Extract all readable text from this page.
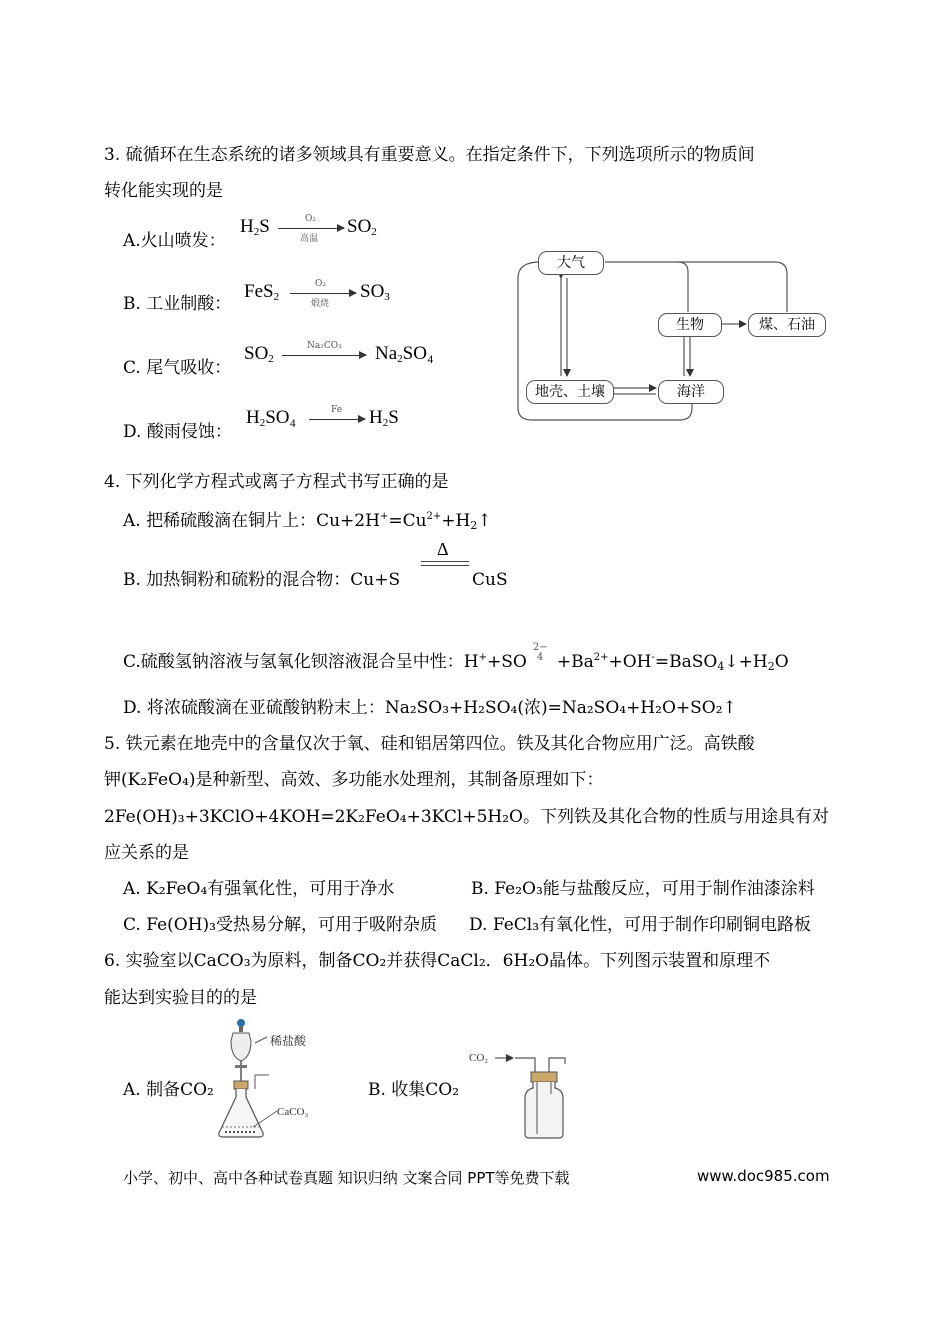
3. 硫循环在生态系统的诸多领域具有重要意义。在指定条件下，下列选项所示的物质间
转化能实现的是
A.火山喷发：
$H_2S$	O₂
高温
$SO_2$
B. 工业制酸：
FeS$_2$
O₂
煅烧
$SO_3$
C. 尾气吸收：
$SO_2$
Na₂CO₃ $Na_2SO_4$
D. 酸雨侵蚀：
$H_2SO_4$	Fe $H_2S$
大气
生物	煤、石油
地壳、土壤	海洋
4. 下列化学方程式或离子方程式书写正确的是
A. 把稀硫酸滴在铜片上：$Cu+2H^+=Cu^{2+}+H_2↑$
B. 加热铜粉和硫粉的混合物：Cu+S
Δ
CuS
C.硫酸氢钠溶液与氢氧化钡溶液混合呈中性：H++SO
2−
$4 +Ba^{2+}+OH^-=BaSO_4↓+H_2O$
D. 将浓硫酸滴在亚硫酸钠粉末上：Na₂SO₃+H₂SO₄(浓)=Na₂SO₄+H₂O+SO₂↑
5. 铁元素在地壳中的含量仅次于氧、硅和铝居第四位。铁及其化合物应用广泛。高铁酸
钾(K₂FeO₄)是种新型、高效、多功能水处理剂，其制备原理如下：
2Fe(OH)₃+3KClO+4KOH=2K₂FeO₄+3KCl+5H₂O。下列铁及其化合物的性质与用途具有对
应关系的是
A. K₂FeO₄有强氧化性，可用于净水	B. Fe₂O₃能与盐酸反应，可用于制作油漆涂料
C. Fe(OH)₃受热易分解，可用于吸附杂质 D. FeCl₃有氧化性，可用于制作印刷铜电路板
6. 实验室以CaCO₃为原料，制备CO₂并获得CaCl₂．6H₂O晶体。下列图示装置和原理不
能达到实验目的的是
A. 制备CO₂	B. 收集CO₂
稀盐酸
CaCO₃
CO₂
小学、初中、高中各种试卷真题 知识归纳 文案合同 PPT等免费下载	www.doc985.com
